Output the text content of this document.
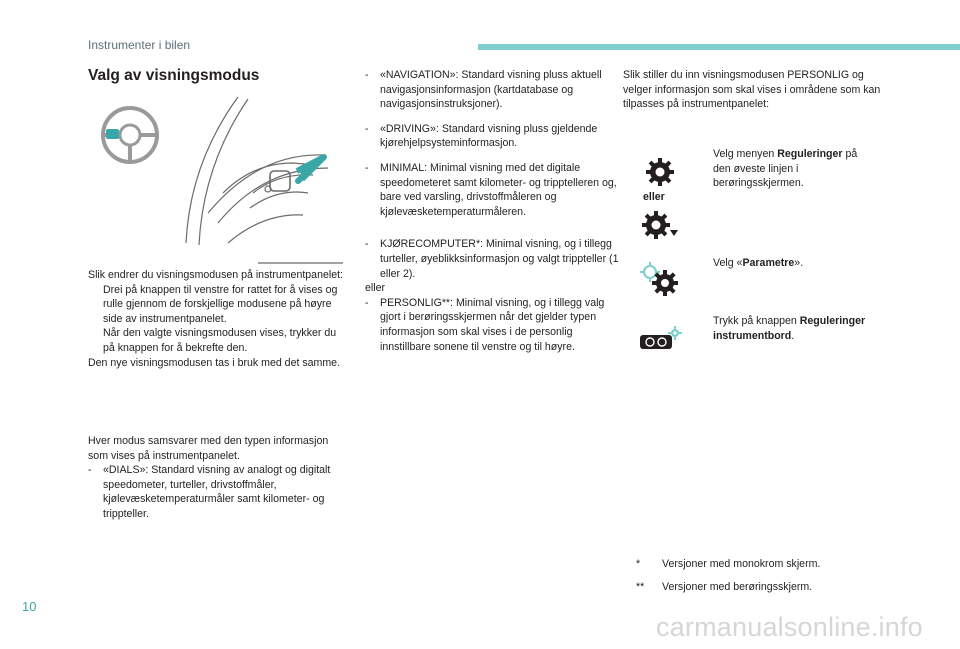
Instrumenter i bilen
Valg av visningsmodus

Slik endrer du visningsmodusen på instrumentpanelet:

Drei på knappen til venstre for rattet for å vises og rulle gjennom de forskjellige modusene på høyre side av instrumentpanelet.

Når den valgte visningsmodusen vises, trykker du på knappen for å bekrefte den.

Den nye visningsmodusen tas i bruk med det samme.

Hver modus samsvarer med den typen informasjon som vises på instrumentpanelet.

- «DIALS»: Standard visning av analogt og digitalt speedometer, turteller, drivstoffmåler, kjølevæsketemperaturmåler samt kilometer- og trippteller.

- «NAVIGATION»: Standard visning pluss aktuell navigasjonsinformasjon (kartdatabase og navigasjonsinstruksjoner).

- «DRIVING»: Standard visning pluss gjeldende kjørehjelpsysteminformasjon.

- MINIMAL: Minimal visning med det digitale speedometeret samt kilometer- og tripptelleren og, bare ved varsling, drivstoffmåleren og kjølevæsketemperaturmåleren.

- KJØRECOMPUTER*: Minimal visning, og i tillegg turteller, øyeblikksinformasjon og valgt trippteller (1 eller 2).

eller

- PERSONLIG**: Minimal visning, og i tillegg valg gjort i berøringsskjermen når det gjelder typen informasjon som skal vises i de personlig innstillbare sonene til venstre og til høyre.

Slik stiller du inn visningsmodusen PERSONLIG og velger informasjon som skal vises i områdene som kan tilpasses på instrumentpanelet:
eller
Velg menyen Reguleringer på den øveste linjen i berøringsskjermen.
Velg «Parametre».
Trykk på knappen Reguleringer instrumentbord.
* Versjoner med monokrom skjerm.
** Versjoner med berøringsskjerm.
10
carmanualsonline.info
